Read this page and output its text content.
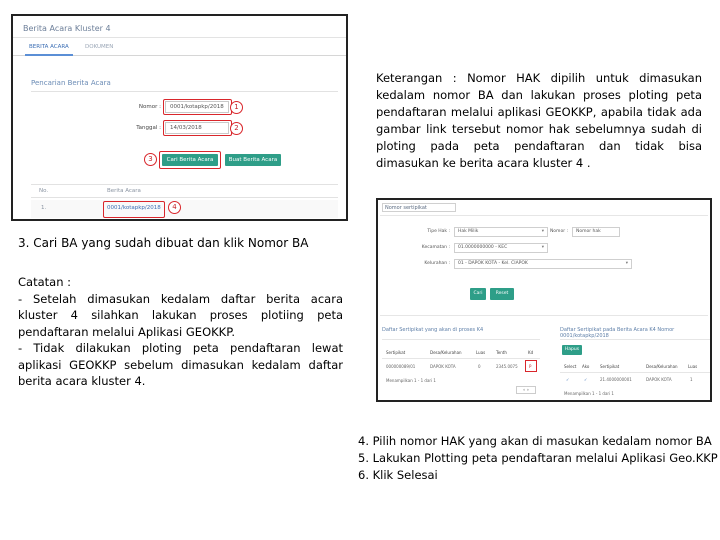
Berita Acara Kluster 4
BERITA ACARA	DOKUMEN
Pencarian Berita Acara
Nomor :	0001/kotapkp/2018	1
Tanggal :	14/03/2018	2
3	Cari Berita Acara	Buat Berita Acara
No.	Berita Acara
1.	0001/kotapkp/2018	4
Keterangan : Nomor HAK dipilih untuk dimasukan kedalam nomor BA dan lakukan proses ploting peta pendaftaran melalui aplikasi GEOKKP, apabila tidak ada gambar link tersebut nomor hak sebelumnya sudah di ploting pada peta pendaftaran dan tidak bisa dimasukan ke berita acara kluster 4 .
3. Cari BA yang sudah dibuat dan klik Nomor BA
Catatan :
- Setelah dimasukan kedalam daftar berita acara kluster 4 silahkan lakukan proses plotiing peta pendaftaran melalui Aplikasi GEOKKP.
- Tidak dilakukan ploting peta pendaftaran lewat aplikasi GEOKKP sebelum dimasukan kedalam daftar berita acara kluster 4.
Nomor sertipikat
Tipe Hak :	Hak Milik	▾	Nomor :	Nomor hak
Kecamatan :	01.0000000000 - KEC	▾
Kelurahan :	01 - DAPOK KOTA - Kel. CIAPOK	▾
Cari	Reset Filter
Daftar Sertipikat yang akan di proses K4
Sertipikat	Desa/Kelurahan	Luas	Tenth	Kd
000000089/01	DAPOK KOTA	0	2345.0075	P
Menampilkan 1 - 1 dari 1
« »
Daftar Sertipikat pada Berita Acara K4 Nomor 0001/kotapkp/2018
Hapus
Select Ako	Sertipikat	Desa/Kelurahan	Luas
✓	✓	21.4000000001	DAPOK KOTA	1
Menampilkan 1 - 1 dari 1
4. Pilih nomor HAK yang akan di masukan kedalam nomor BA
5. Lakukan Plotting peta pendaftaran melalui Aplikasi Geo.KKP
6. Klik Selesai
